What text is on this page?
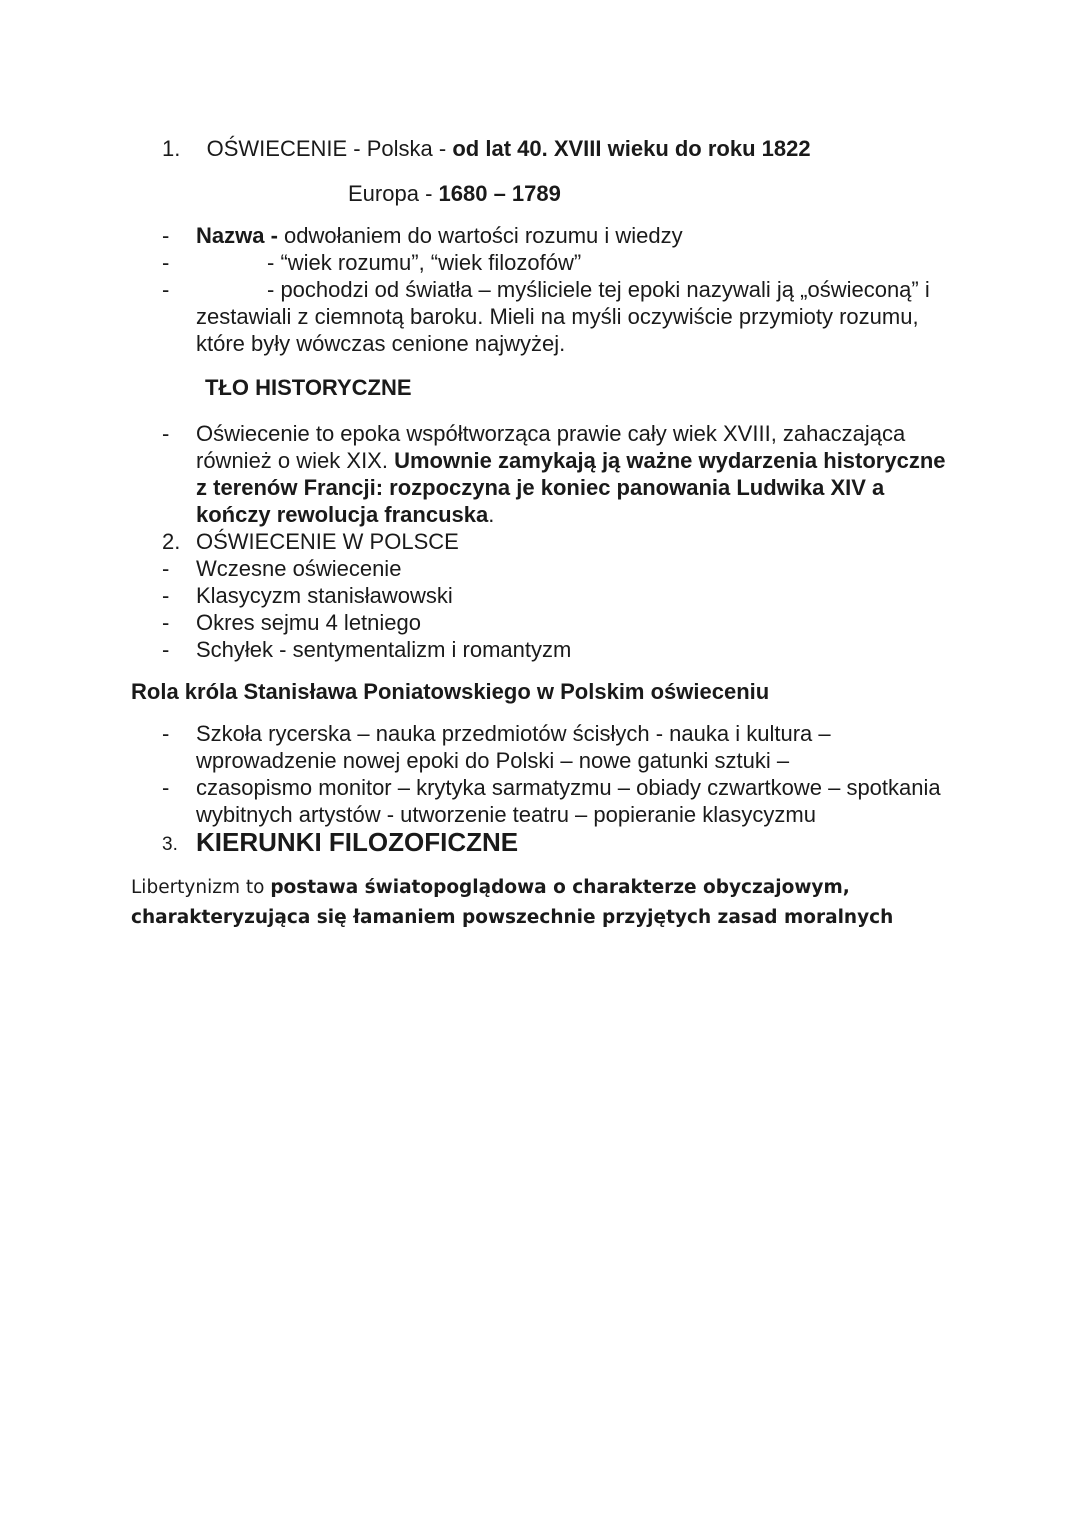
1. OŚWIECENIE - Polska - od lat 40. XVIII wieku do roku 1822
Europa - 1680 – 1789
-
-
-
Nazwa - odwołaniem do wartości rozumu i wiedzy
- “wiek rozumu”, “wiek filozofów”
- pochodzi od światła – myśliciele tej epoki nazywali ją „oświeconą” i
zestawiali z ciemnotą baroku. Mieli na myśli oczywiście przymioty rozumu,
które były wówczas cenione najwyżej.
TŁO HISTORYCZNE
- Oświecenie to epoka współtworząca prawie cały wiek XVIII, zahaczająca
również o wiek XIX. Umownie zamykają ją ważne wydarzenia historyczne
z terenów Francji: rozpoczyna je koniec panowania Ludwika XIV a
kończy rewolucja francuska.
2. OŚWIECENIE W POLSCE
- Wczesne oświecenie
- Klasycyzm stanisławowski
- Okres sejmu 4 letniego
- Schyłek - sentymentalizm i romantyzm
Rola króla Stanisława Poniatowskiego w Polskim oświeceniu
- Szkoła rycerska – nauka przedmiotów ścisłych - nauka i kultura –
wprowadzenie nowej epoki do Polski – nowe gatunki sztuki –
- czasopismo monitor – krytyka sarmatyzmu – obiady czwartkowe – spotkania
wybitnych artystów - utworzenie teatru – popieranie klasycyzmu
3. KIERUNKI FILOZOFICZNE
Libertynizm to postawa światopoglądowa o charakterze obyczajowym,
charakteryzująca się łamaniem powszechnie przyjętych zasad moralnych
